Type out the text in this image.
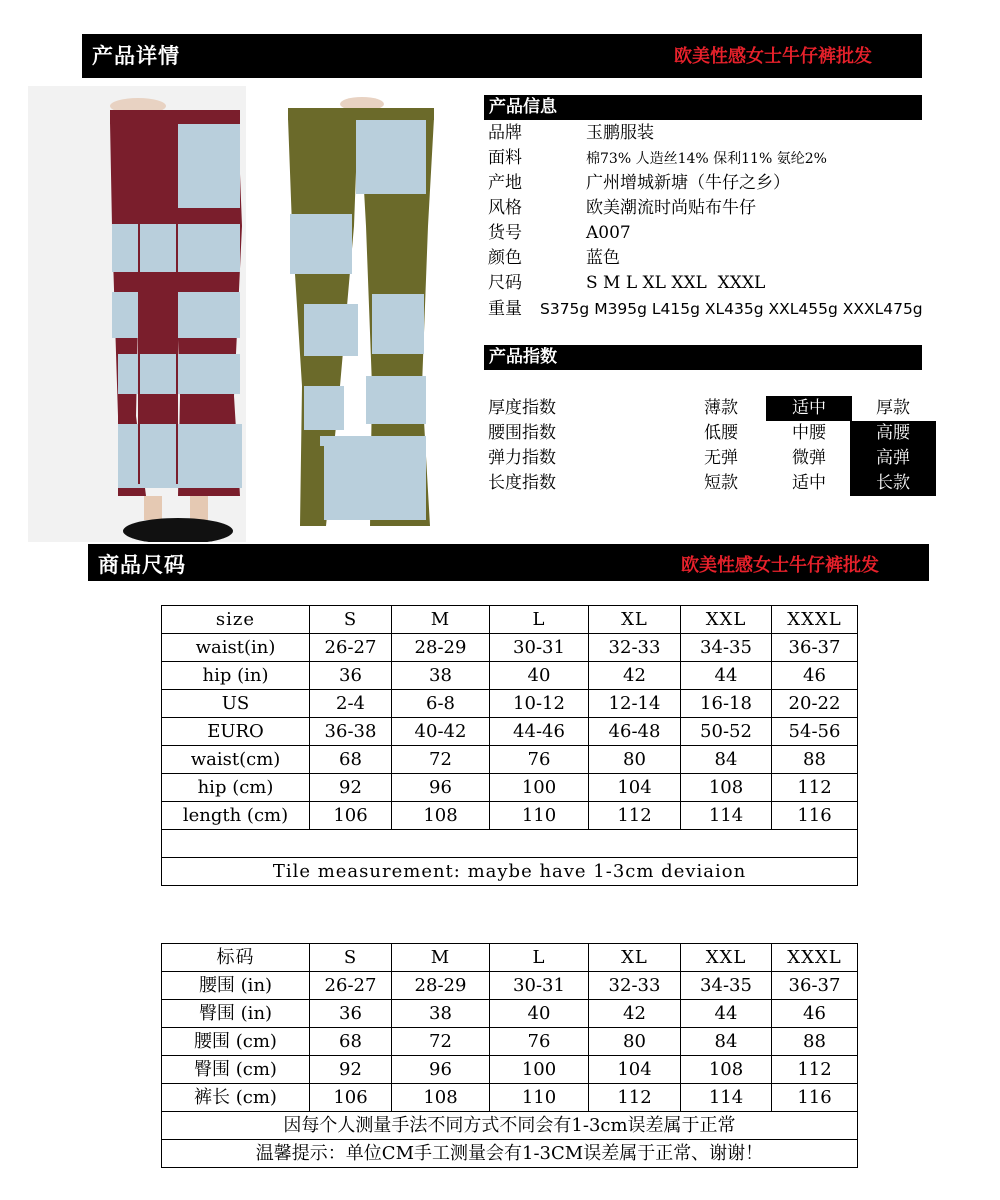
产品详情	欧美性感女士牛仔裤批发
产品信息
品牌	玉鹏服装
面料	棉73% 人造丝14% 保利11% 氨纶2%
产地	广州增城新塘（牛仔之乡）
风格	欧美潮流时尚贴布牛仔
货号	A007
颜色	蓝色
尺码	S M L XL XXL  XXXL
重量 S375g M395g L415g XL435g XXL455g XXXL475g
产品指数
厚度指数	薄款	适中	厚款
腰围指数	低腰	中腰	高腰
弹力指数	无弹	微弹	高弹
长度指数	短款	适中	长款
商品尺码	欧美性感女士牛仔裤批发
size	S	M	L	XL	XXL	XXXL
waist(in)	26-27	28-29	30-31	32-33	34-35	36-37
hip (in)	36	38	40	42	44	46
US	2-4	6-8	10-12	12-14	16-18	20-22
EURO	36-38	40-42	44-46	46-48	50-52	54-56
waist(cm)	68	72	76	80	84	88
hip (cm)	92	96	100	104	108	112
length (cm)	106	108	110	112	114	116

Tile measurement: maybe have 1-3cm deviaion						
标码	S	M	L	XL	XXL	XXXL
腰围 (in)	26-27	28-29	30-31	32-33	34-35	36-37
臀围 (in)	36	38	40	42	44	46
腰围 (cm)	68	72	76	80	84	88
臀围 (cm)	92	96	100	104	108	112
裤长 (cm)	106	108	110	112	114	116
因每个人测量手法不同方式不同会有1-3cm误差属于正常						
温馨提示：单位CM手工测量会有1-3CM误差属于正常、谢谢！						
